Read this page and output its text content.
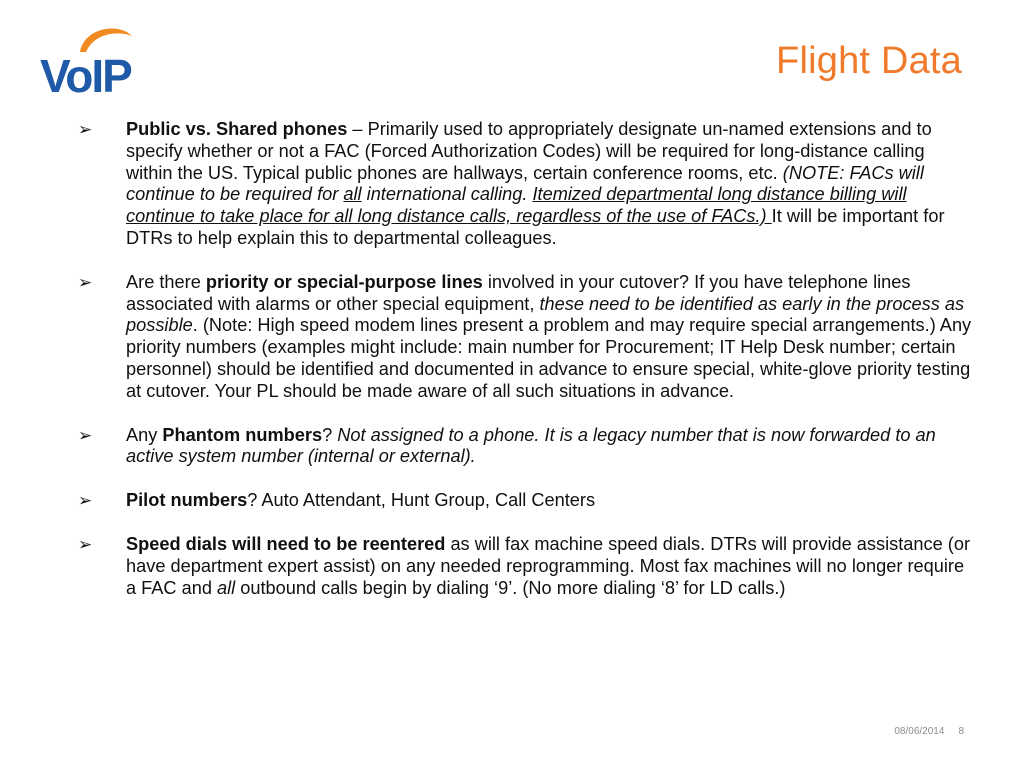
VoIP	Flight Data
➢ Public vs. Shared phones – Primarily used to appropriately designate un-named extensions and to specify whether or not a FAC (Forced Authorization Codes) will be required for long-distance calling within the US. Typical public phones are hallways, certain conference rooms, etc. (NOTE: FACs will continue to be required for all international calling. Itemized departmental long distance billing will continue to take place for all long distance calls, regardless of the use of FACs.) It will be important for DTRs to help explain this to departmental colleagues.
➢ Are there priority or special-purpose lines involved in your cutover? If you have telephone lines associated with alarms or other special equipment, these need to be identified as early in the process as possible. (Note: High speed modem lines present a problem and may require special arrangements.) Any priority numbers (examples might include: main number for Procurement; IT Help Desk number; certain personnel) should be identified and documented in advance to ensure special, white-glove priority testing at cutover. Your PL should be made aware of all such situations in advance.
➢ Any Phantom numbers? Not assigned to a phone. It is a legacy number that is now forwarded to an active system number (internal or external).
➢ Pilot numbers? Auto Attendant, Hunt Group, Call Centers
➢ Speed dials will need to be reentered as will fax machine speed dials. DTRs will provide assistance (or have department expert assist) on any needed reprogramming. Most fax machines will no longer require a FAC and all outbound calls begin by dialing ‘9’. (No more dialing ‘8’ for LD calls.)
08/06/2014 8
